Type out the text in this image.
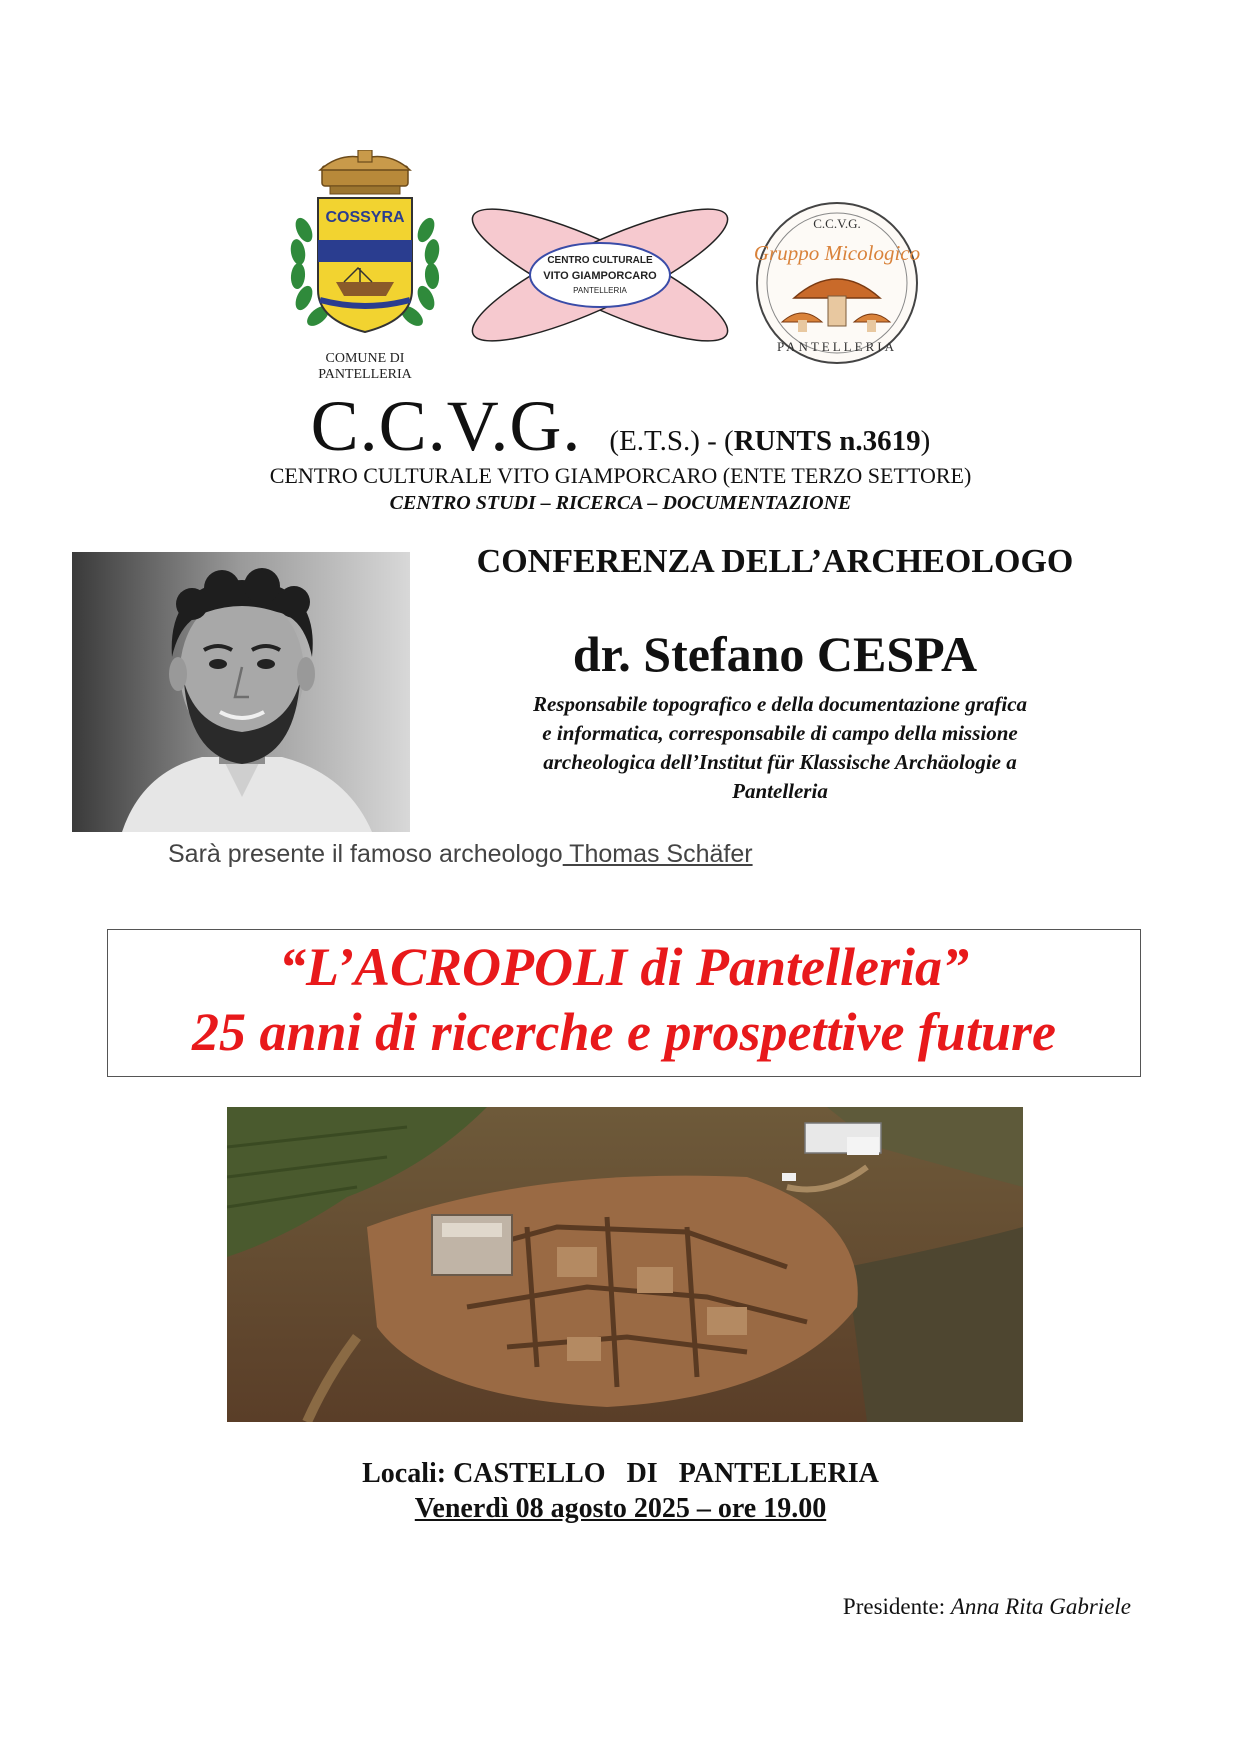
COSSYRA
COMUNE DI
PANTELLERIA
CENTRO CULTURALE
VITO GIAMPORCARO
PANTELLERIA
C.C.V.G.
Gruppo Micologico
PANTELLERIA
C.C.V.G. (E.T.S.) - (RUNTS n.3619)
CENTRO CULTURALE VITO GIAMPORCARO (ENTE TERZO SETTORE)
CENTRO STUDI – RICERCA – DOCUMENTAZIONE
CONFERENZA DELL’ARCHEOLOGO
dr. Stefano CESPA
Responsabile topografico e della documentazione grafica
e informatica, corresponsabile di campo della missione
archeologica dell’Institut für Klassische Archäologie a
Pantelleria
Sarà presente il famoso archeologo Thomas Schäfer
“L’ACROPOLI di Pantelleria”
25 anni di ricerche e prospettive future
Locali: CASTELLO   DI   PANTELLERIA
Venerdì 08 agosto 2025 – ore 19.00
Presidente: Anna Rita Gabriele
